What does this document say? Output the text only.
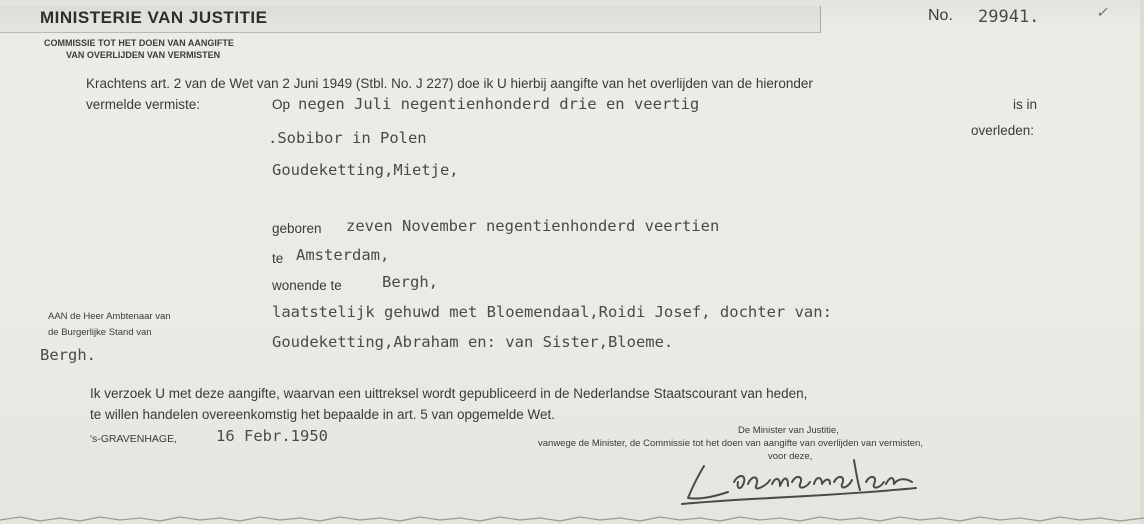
MINISTERIE VAN JUSTITIE
COMMISSIE TOT HET DOEN VAN AANGIFTE
VAN OVERLIJDEN VAN VERMISTEN
No. 29941.	✓
Krachtens art. 2 van de Wet van 2 Juni 1949 (Stbl. No. J 227) doe ik U hierbij aangifte van het overlijden van de hieronder
vermelde vermiste:	Op negen Juli negentienhonderd drie en veertig	is in
.Sobibor in Polen	overleden:
Goudeketting,Mietje,
geboren zeven November negentienhonderd veertien
te Amsterdam,
wonende te	Bergh,
laatstelijk gehuwd met Bloemendaal,Roidi Josef, dochter van:
Goudeketting,Abraham en: van Sister,Bloeme.
AAN de Heer Ambtenaar van
de Burgerlijke Stand van
Bergh.
Ik verzoek U met deze aangifte, waarvan een uittreksel wordt gepubliceerd in de Nederlandse Staatscourant van heden,
te willen handelen overeenkomstig het bepaalde in art. 5 van opgemelde Wet.
's-GRAVENHAGE,	16 Febr.1950	De Minister van Justitie,
vanwege de Minister, de Commissie tot het doen van aangifte van overlijden van vermisten,
voor deze,
